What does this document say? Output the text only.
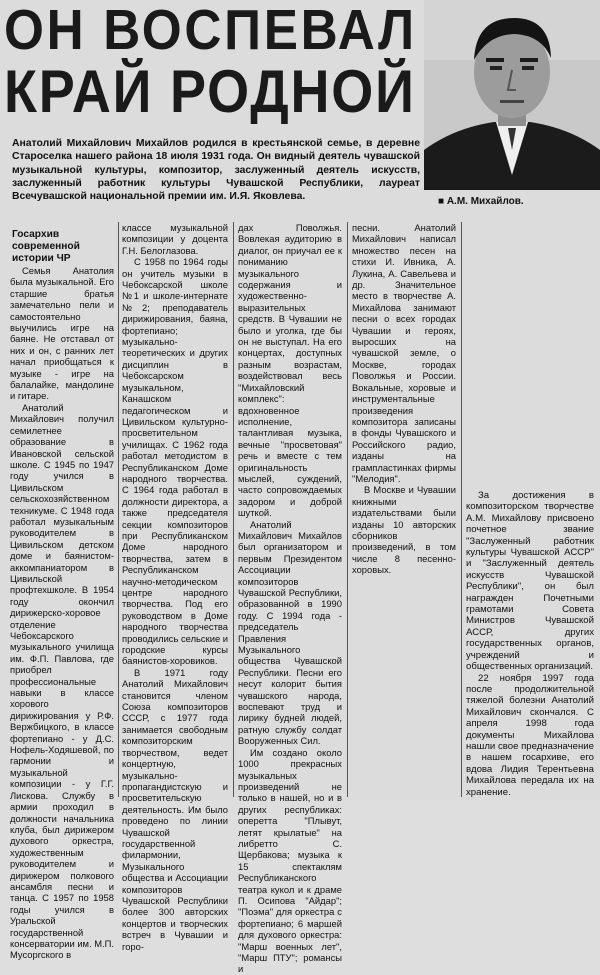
ОН ВОСПЕВАЛ
КРАЙ РОДНОЙ
■ А.М. Михайлов.
Анатолий Михайлович Михайлов родился в крестьянской семье, в деревне Староселка нашего района 18 июля 1931 года. Он видный деятель чувашской музыкальной культуры, композитор, заслуженный деятель искусств, заслуженный работник культуры Чувашской Республики, лауреат Всечувашской национальной премии им. И.Я. Яковлева.
Госархив современной истории ЧР

Семья Анатолия была музыкальной. Его старшие братья замечательно пели и самостоятельно выучились игре на баяне. Не отставал от них и он, с ранних лет начал приобщаться к музыке - игре на балалайке, мандолине и гитаре.

Анатолий Михайлович получил семилетнее образование в Ивановской сельской школе. С 1945 по 1947 году учился в Цивильском сельскохозяйственном техникуме. С 1948 года работал музыкальным руководителем в Цивильском детском доме и баянистом-аккомпаниатором в Цивильской профтехшколе. В 1954 году окончил дирижерско-хоровое отделение Чебоксарского музыкального училища им. Ф.П. Павлова, где приобрел профессиональные навыки в классе хорового дирижирования у Р.Ф. Вержбицкого, в классе фортепиано - у Д.С. Нофель-Ходяшевой, по гармонии и музыкальной композиции - у Г.Г. Лискова. Службу в армии проходил в должности начальника клуба, был дирижером духового оркестра, художественным руководителем и дирижером полкового ансамбля песни и танца. С 1957 по 1958 годы учился в Уральской государственной консерватории им. М.П. Мусоргского в

классе музыкальной композиции у доцента Г.Н. Белоглазова.

С 1958 по 1964 годы он учитель музыки в Чебоксарской школе №1 и школе-интернате №2; преподаватель дирижирования, баяна, фортепиано; музыкально-теоретических и других дисциплин в Чебоксарском музыкальном, Канашском педагогическом и Цивильском культурно-просветительном училищах. С 1962 года работал методистом в Республиканском Доме народного творчества. С 1964 года работал в должности директора, а также председателя секции композиторов при Республиканском Доме народного творчества, затем в Республиканском научно-методическом центре народного творчества. Под его руководством в Доме народного творчества проводились сельские и городские курсы баянистов-хоровиков.

В 1971 году Анатолий Михайлович становится членом Союза композиторов СССР, с 1977 года занимается свободным композиторским творчеством, ведет концертную, музыкально-пропагандистскую и просветительскую деятельность. Им было проведено по линии Чувашской государственной филармонии, Музыкального общества и Ассоциации композиторов Чувашской Республики более 300 авторских концертов и творческих встреч в Чувашии и горо-

дах Поволжья. Вовлекая аудиторию в диалог, он приучал ее к пониманию музыкального содержания и художественно-выразительных средств. В Чувашии не было и уголка, где бы он не выступал. На его концертах, доступных разным возрастам, воздействовал весь "Михайловский комплекс": вдохновенное исполнение, талантливая музыка, вечные "просветовая" речь и вместе с тем оригинальность мыслей, суждений, часто сопровождаемых задором и доброй шуткой.

Анатолий Михайлович Михайлов был организатором и первым Президентом Ассоциации композиторов Чувашской Республики, образованной в 1990 году. С 1994 года - председатель Правления Музыкального общества Чувашской Республики. Песни его несут колорит бытия чувашского народа, воспевают труд и лирику будней людей, ратную службу солдат Вооруженных Сил.

Им создано около 1000 прекрасных музыкальных произведений не только в нашей, но и в других республиках: оперетта "Плывут, летят крылатые" на либретто С. Щербакова; музыка к 15 спектаклям Республиканского театра кукол и к драме П. Осипова "Айдар"; "Поэма" для оркестра с фортепиано; 6 маршей для духового оркестра: "Марш военных лет", "Марш ПТУ"; романсы и

песни. Анатолий Михайлович написал множество песен на стихи И. Ивника, А. Лукина, А. Савельева и др. Значительное место в творчестве А. Михайлова занимают песни о всех городах Чувашии и героях, выросших на чувашской земле, о Москве, городах Поволжья и России. Вокальные, хоровые и инструментальные произведения композитора записаны в фонды Чувашского и Российского радио, изданы на грампластинках фирмы "Мелодия".

В Москве и Чувашии книжными издательствами были изданы 10 авторских сборников произведений, в том числе 8 песенно-хоровых.

За достижения в композиторском творчестве А.М. Михайлову присвоено почетное звание "Заслуженный работник культуры Чувашской АССР" и "Заслуженный деятель искусств Чувашской Республики", он был награжден Почетными грамотами Совета Министров Чувашской АССР, других государственных органов, учреждений и общественных организаций.

22 ноября 1997 года после продолжительной тяжелой болезни Анатолий Михайлович скончался. С апреля 1998 года документы Михайлова нашли свое предназначение в нашем госархиве, его вдова Лидия Терентьевна Михайлова передала их на хранение.
